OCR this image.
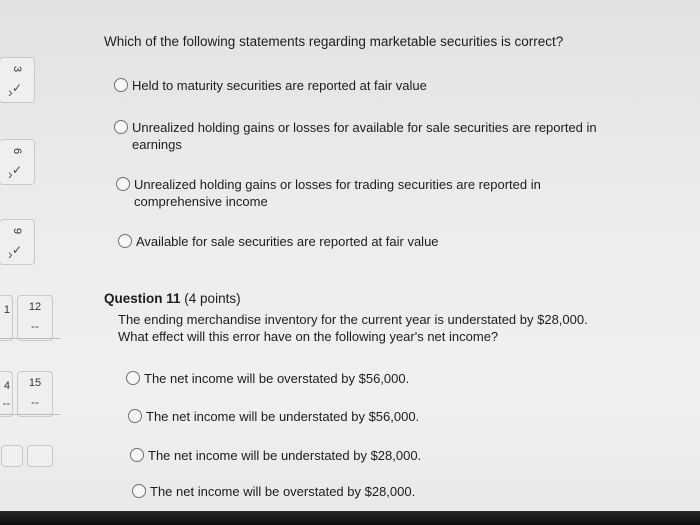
3
✓
6
✓
9
✓
›
›
›
1	12
--
4
--
15
--
Which of the following statements regarding marketable securities is correct?
Held to maturity securities are reported at fair value
Unrealized holding gains or losses for available for sale securities are reported in earnings
Unrealized holding gains or losses for trading securities are reported in comprehensive income
Available for sale securities are reported at fair value
Question 11 (4 points)
The ending merchandise inventory for the current year is understated by $28,000. What effect will this error have on the following year's net income?
The net income will be overstated by $56,000.
The net income will be understated by $56,000.
The net income will be understated by $28,000.
The net income will be overstated by $28,000.
